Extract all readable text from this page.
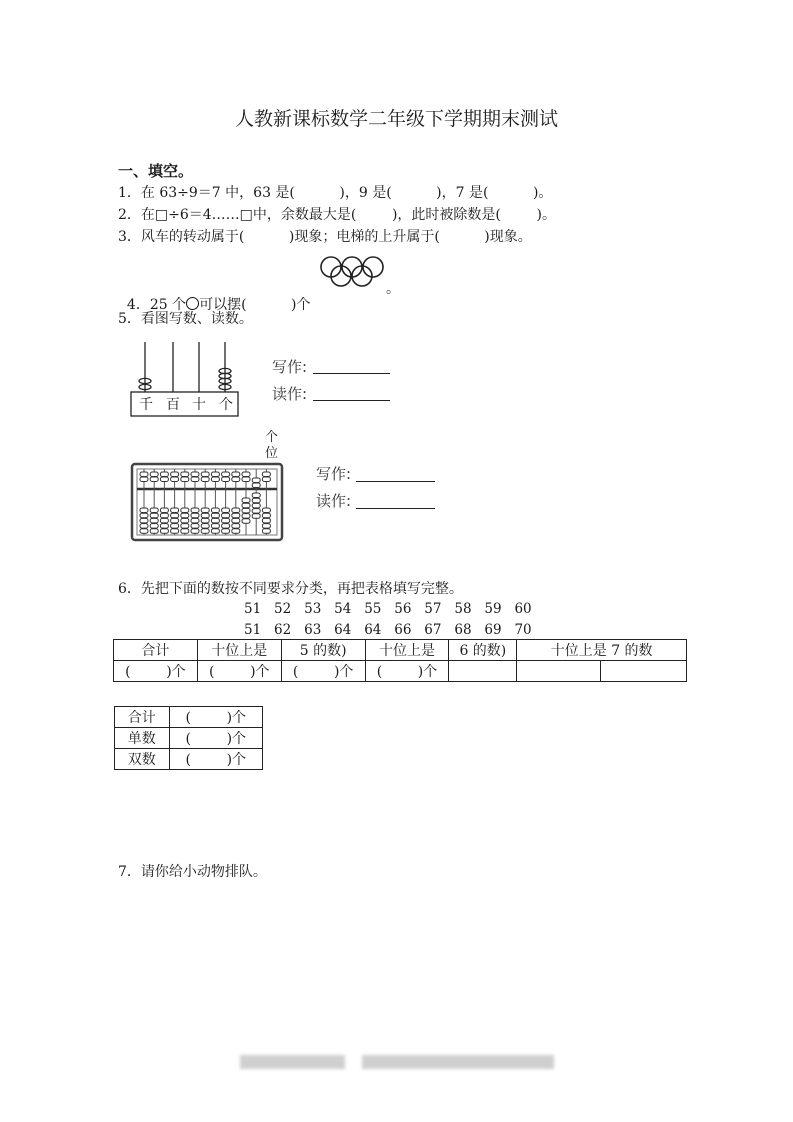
人教新课标数学二年级下学期期末测试
一、填空。
1．在 63÷9＝7 中，63 是(          )，9 是(          )，7 是(          )。
2．在□÷6＝4……□中，余数最大是(        )，此时被除数是(        )。
3．风车的转动属于(          )现象；电梯的上升属于(          )现象。

4．25 个 可以摆(          )个

。
5．看图写数、读数。
千 百 十 个
写作:
读作:
个位
写作:
读作:
6．先把下面的数按不同要求分类，再把表格填写完整。
51   52   53   54   55   56   57   58   59   60
51   62   63   64   64   66   67   68   69   70
合计	十位上是	5 的数)	十位上是	6 的数)	十位上是 7 的数	
(        )个	(        )个	(        )个	(        )个			
合计	(        )个
单数	(        )个
双数	(        )个
7．请你给小动物排队。
